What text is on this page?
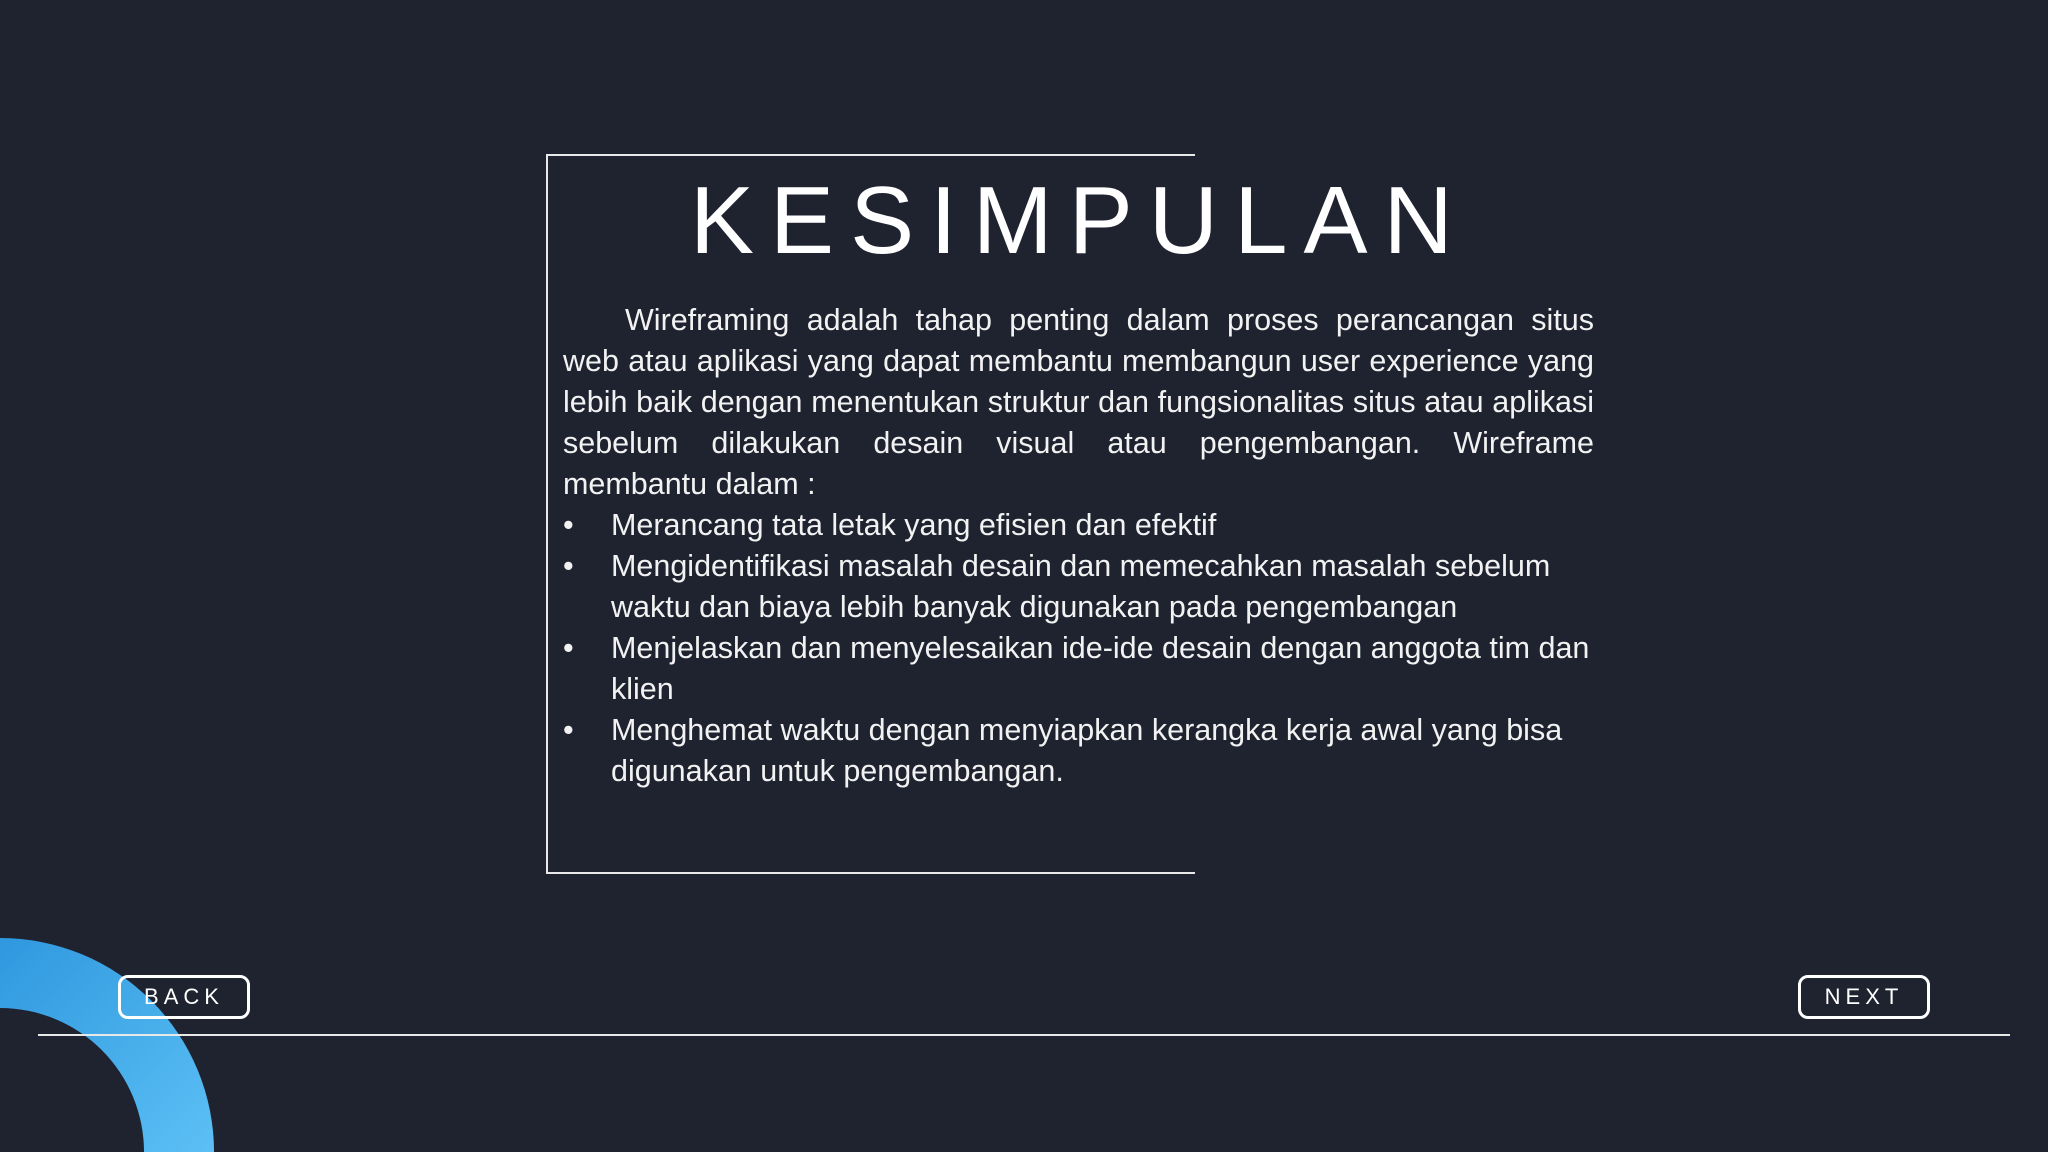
KESIMPULAN

Wireframing adalah tahap penting dalam proses perancangan situs web atau aplikasi yang dapat membantu membangun user experience yang lebih baik dengan menentukan struktur dan fungsionalitas situs atau aplikasi sebelum dilakukan desain visual atau pengembangan. Wireframe membantu dalam :

• Merancang tata letak yang efisien dan efektif
• Mengidentifikasi masalah desain dan memecahkan masalah sebelum waktu dan biaya lebih banyak digunakan pada pengembangan
• Menjelaskan dan menyelesaikan ide-ide desain dengan anggota tim dan klien
• Menghemat waktu dengan menyiapkan kerangka kerja awal yang bisa digunakan untuk pengembangan.
BACK	NEXT
